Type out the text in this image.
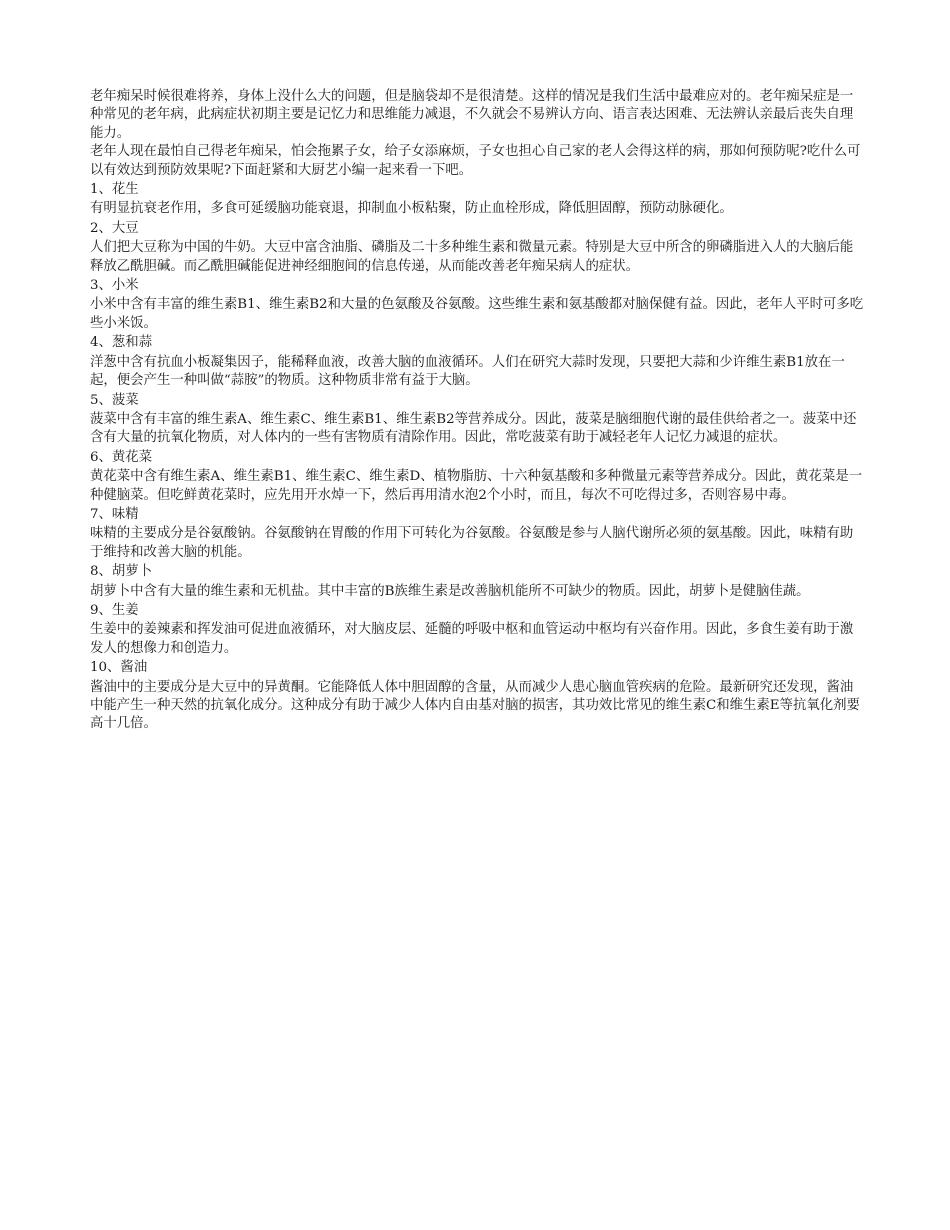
老年痴呆时候很难将养，身体上没什么大的问题，但是脑袋却不是很清楚。这样的情况是我们生活中最难应对的。老年痴呆症是一种常见的老年病，此病症状初期主要是记忆力和思维能力减退，不久就会不易辨认方向、语言表达困难、无法辨认亲最后丧失自理能力。

老年人现在最怕自己得老年痴呆，怕会拖累子女，给子女添麻烦，子女也担心自己家的老人会得这样的病，那如何预防呢?吃什么可以有效达到预防效果呢?下面赶紧和大厨艺小编一起来看一下吧。

1、花生

有明显抗衰老作用，多食可延缓脑功能衰退，抑制血小板粘聚，防止血栓形成，降低胆固醇，预防动脉硬化。

2、大豆

人们把大豆称为中国的牛奶。大豆中富含油脂、磷脂及二十多种维生素和微量元素。特别是大豆中所含的卵磷脂进入人的大脑后能释放乙酰胆碱。而乙酰胆碱能促进神经细胞间的信息传递，从而能改善老年痴呆病人的症状。

3、小米

小米中含有丰富的维生素B1、维生素B2和大量的色氨酸及谷氨酸。这些维生素和氨基酸都对脑保健有益。因此，老年人平时可多吃些小米饭。

4、葱和蒜

洋葱中含有抗血小板凝集因子，能稀释血液，改善大脑的血液循环。人们在研究大蒜时发现，只要把大蒜和少许维生素B1放在一起，便会产生一种叫做“蒜胺”的物质。这种物质非常有益于大脑。

5、菠菜

菠菜中含有丰富的维生素A、维生素C、维生素B1、维生素B2等营养成分。因此，菠菜是脑细胞代谢的最佳供给者之一。菠菜中还含有大量的抗氧化物质，对人体内的一些有害物质有清除作用。因此，常吃菠菜有助于减轻老年人记忆力减退的症状。

6、黄花菜

黄花菜中含有维生素A、维生素B1、维生素C、维生素D、植物脂肪、十六种氨基酸和多种微量元素等营养成分。因此，黄花菜是一种健脑菜。但吃鲜黄花菜时，应先用开水焯一下，然后再用清水泡2个小时，而且，每次不可吃得过多，否则容易中毒。

7、味精

味精的主要成分是谷氨酸钠。谷氨酸钠在胃酸的作用下可转化为谷氨酸。谷氨酸是参与人脑代谢所必须的氨基酸。因此，味精有助于维持和改善大脑的机能。

8、胡萝卜

胡萝卜中含有大量的维生素和无机盐。其中丰富的B族维生素是改善脑机能所不可缺少的物质。因此，胡萝卜是健脑佳蔬。

9、生姜

生姜中的姜辣素和挥发油可促进血液循环，对大脑皮层、延髓的呼吸中枢和血管运动中枢均有兴奋作用。因此，多食生姜有助于激发人的想像力和创造力。

10、酱油

酱油中的主要成分是大豆中的异黄酮。它能降低人体中胆固醇的含量，从而减少人患心脑血管疾病的危险。最新研究还发现，酱油中能产生一种天然的抗氧化成分。这种成分有助于减少人体内自由基对脑的损害，其功效比常见的维生素C和维生素E等抗氧化剂要高十几倍。
